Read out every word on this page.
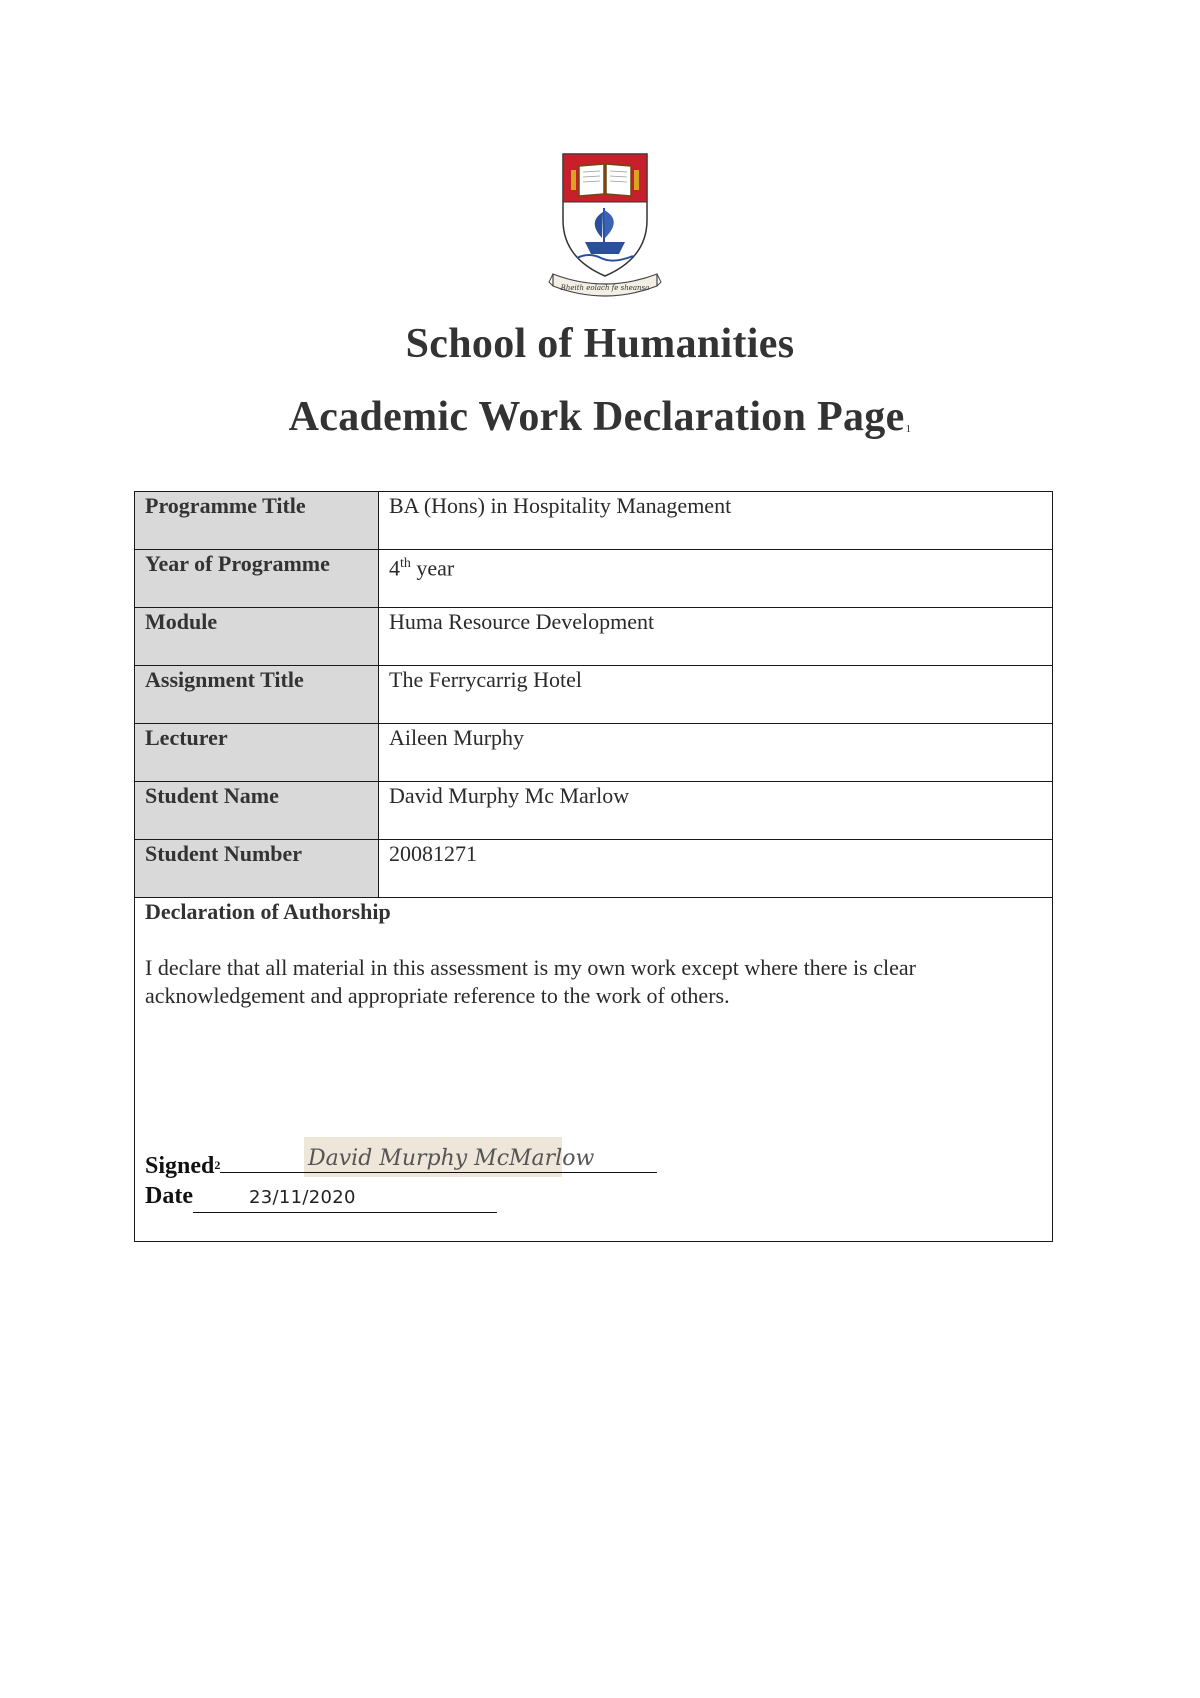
Bheith eolach fe sheansa
School of Humanities
Academic Work Declaration Page$^1$
Programme Title	BA (Hons) in Hospitality Management
Year of Programme	4th year
Module	Huma Resource Development
Assignment Title	The Ferrycarrig Hotel
Lecturer	Aileen Murphy
Student Name	David Murphy Mc Marlow
Student Number	20081271

Declaration of Authorship

I declare that all material in this assessment is my own work except where there is clear acknowledgement and appropriate reference to the work of others.

David Murphy McMarlow
Signed$^2$
Date 23/11/2020	
